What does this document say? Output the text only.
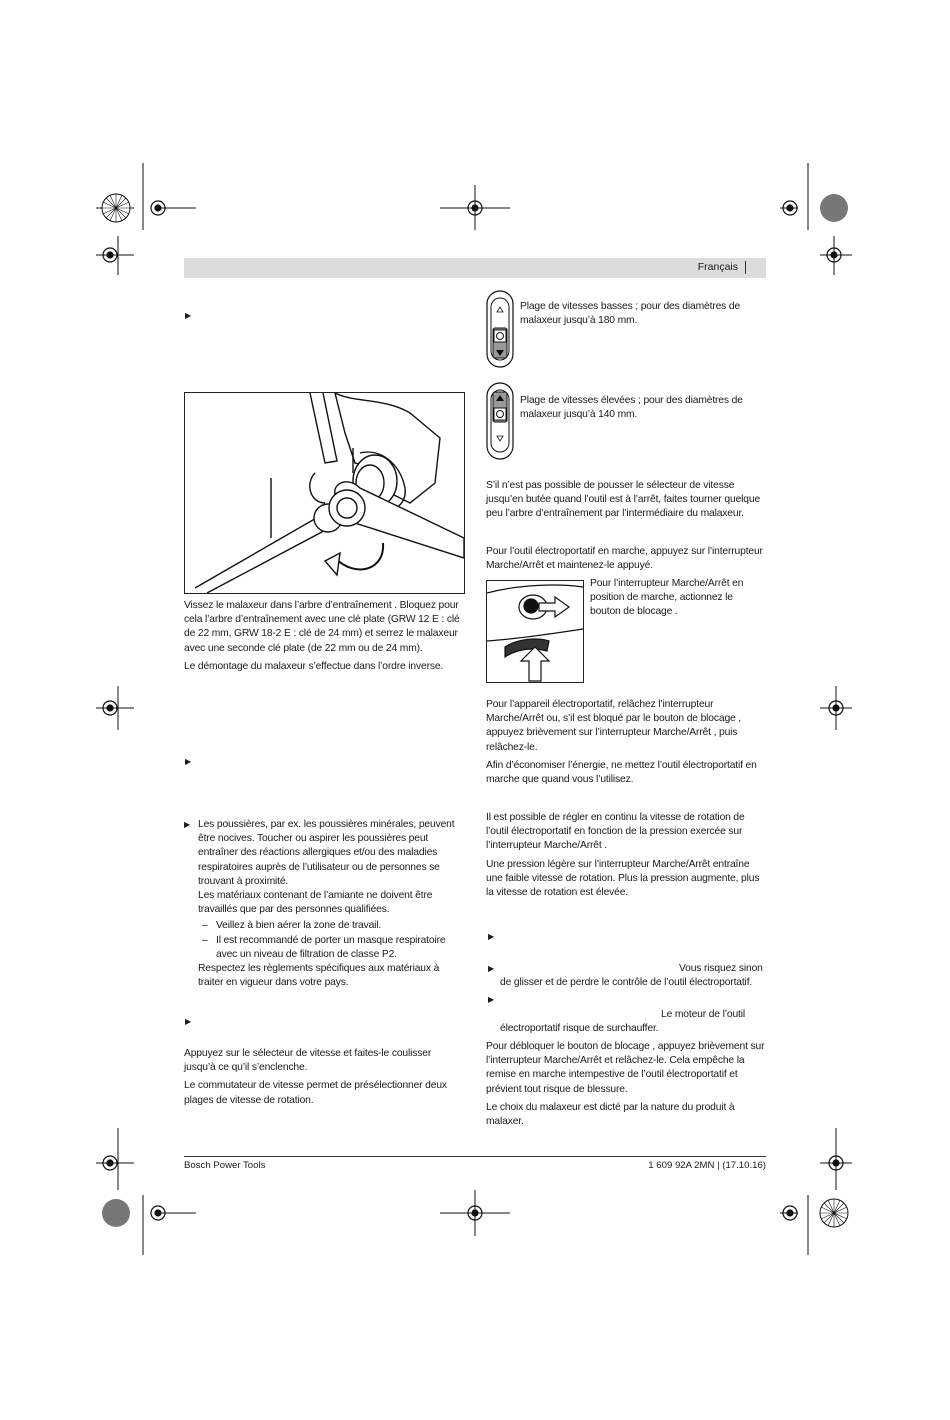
Français
▶

Vissez le malaxeur dans l’arbre d’entraînement . Bloquez pour cela l’arbre d’entraînement avec une clé plate (GRW 12 E : clé de 22 mm, GRW 18-2 E : clé de 24 mm) et serrez le malaxeur avec une seconde clé plate (de 22 mm ou de 24 mm).

Le démontage du malaxeur s’effectue dans l’ordre inverse.

▶
▶ Les poussières, par ex. les poussières minérales, peuvent être nocives. Toucher ou aspirer les poussières peut entraîner des réactions allergiques et/ou des maladies respiratoires auprès de l’utilisateur ou de personnes se trouvant à proximité.
Les matériaux contenant de l’amiante ne doivent être travaillés que par des personnes qualifiées.
– Veillez à bien aérer la zone de travail.
– Il est recommandé de porter un masque respiratoire avec un niveau de filtration de classe P2.
Respectez les règlements spécifiques aux matériaux à traiter en vigueur dans votre pays.
▶

Appuyez sur le sélecteur de vitesse et faites-le coulisser jusqu’à ce qu’il s’enclenche.

Le commutateur de vitesse permet de présélectionner deux plages de vitesse de rotation.

Plage de vitesses basses ; pour des diamètres de malaxeur jusqu’à 180 mm.
Plage de vitesses élevées ; pour des diamètres de malaxeur jusqu’à 140 mm.
S’il n’est pas possible de pousser le sélecteur de vitesse jusqu’en butée quand l’outil est à l’arrêt, faites tourner quelque peu l’arbre d’entraînement par l’intermédiaire du malaxeur.
Pour l’outil électroportatif en marche, appuyez sur l’interrupteur Marche/Arrêt et maintenez-le appuyé.
Pour l’interrupteur Marche/Arrêt en position de marche, actionnez le bouton de blocage .

Pour l’appareil électroportatif, relâchez l’interrupteur Marche/Arrêt ou, s’il est bloqué par le bouton de blocage , appuyez brièvement sur l’interrupteur Marche/Arrêt , puis relâchez-le.

Afin d’économiser l’énergie, ne mettez l’outil électroportatif en marche que quand vous l’utilisez.

Il est possible de régler en continu la vitesse de rotation de l’outil électroportatif en fonction de la pression exercée sur l’interrupteur Marche/Arrêt .

Une pression légère sur l’interrupteur Marche/Arrêt entraîne une faible vitesse de rotation. Plus la pression augmente, plus la vitesse de rotation est élevée.

▶
▶	Vous risquez sinon
de glisser et de perdre le contrôle de l’outil électroportatif.
▶
Le moteur de l’outil
électroportatif risque de surchauffer.

Pour débloquer le bouton de blocage , appuyez brièvement sur l’interrupteur Marche/Arrêt et relâchez-le. Cela empêche la remise en marche intempestive de l’outil électroportatif et prévient tout risque de blessure.

Le choix du malaxeur est dicté par la nature du produit à malaxer.

Bosch Power Tools	1 609 92A 2MN | (17.10.16)
